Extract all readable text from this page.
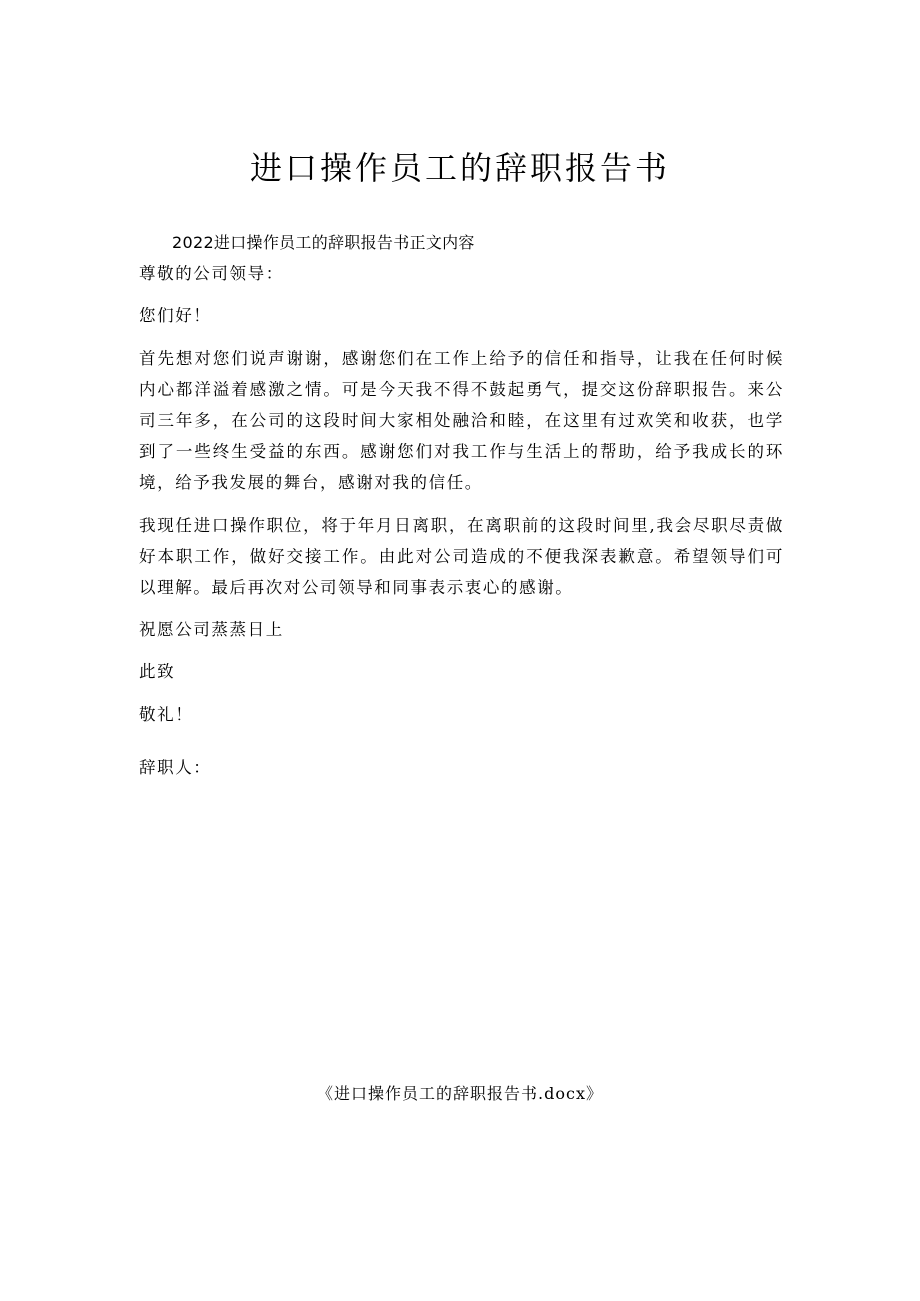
进口操作员工的辞职报告书
2022进口操作员工的辞职报告书正文内容

尊敬的公司领导：

您们好！

首先想对您们说声谢谢，感谢您们在工作上给予的信任和指导，让我在任何时候内心都洋溢着感激之情。可是今天我不得不鼓起勇气，提交这份辞职报告。来公司三年多，在公司的这段时间大家相处融洽和睦，在这里有过欢笑和收获，也学到了一些终生受益的东西。感谢您们对我工作与生活上的帮助，给予我成长的环境，给予我发展的舞台，感谢对我的信任。

我现任进口操作职位，将于年月日离职，在离职前的这段时间里,我会尽职尽责做好本职工作，做好交接工作。由此对公司造成的不便我深表歉意。希望领导们可以理解。最后再次对公司领导和同事表示衷心的感谢。

祝愿公司蒸蒸日上

此致

敬礼！

辞职人：

《进口操作员工的辞职报告书.docx》
